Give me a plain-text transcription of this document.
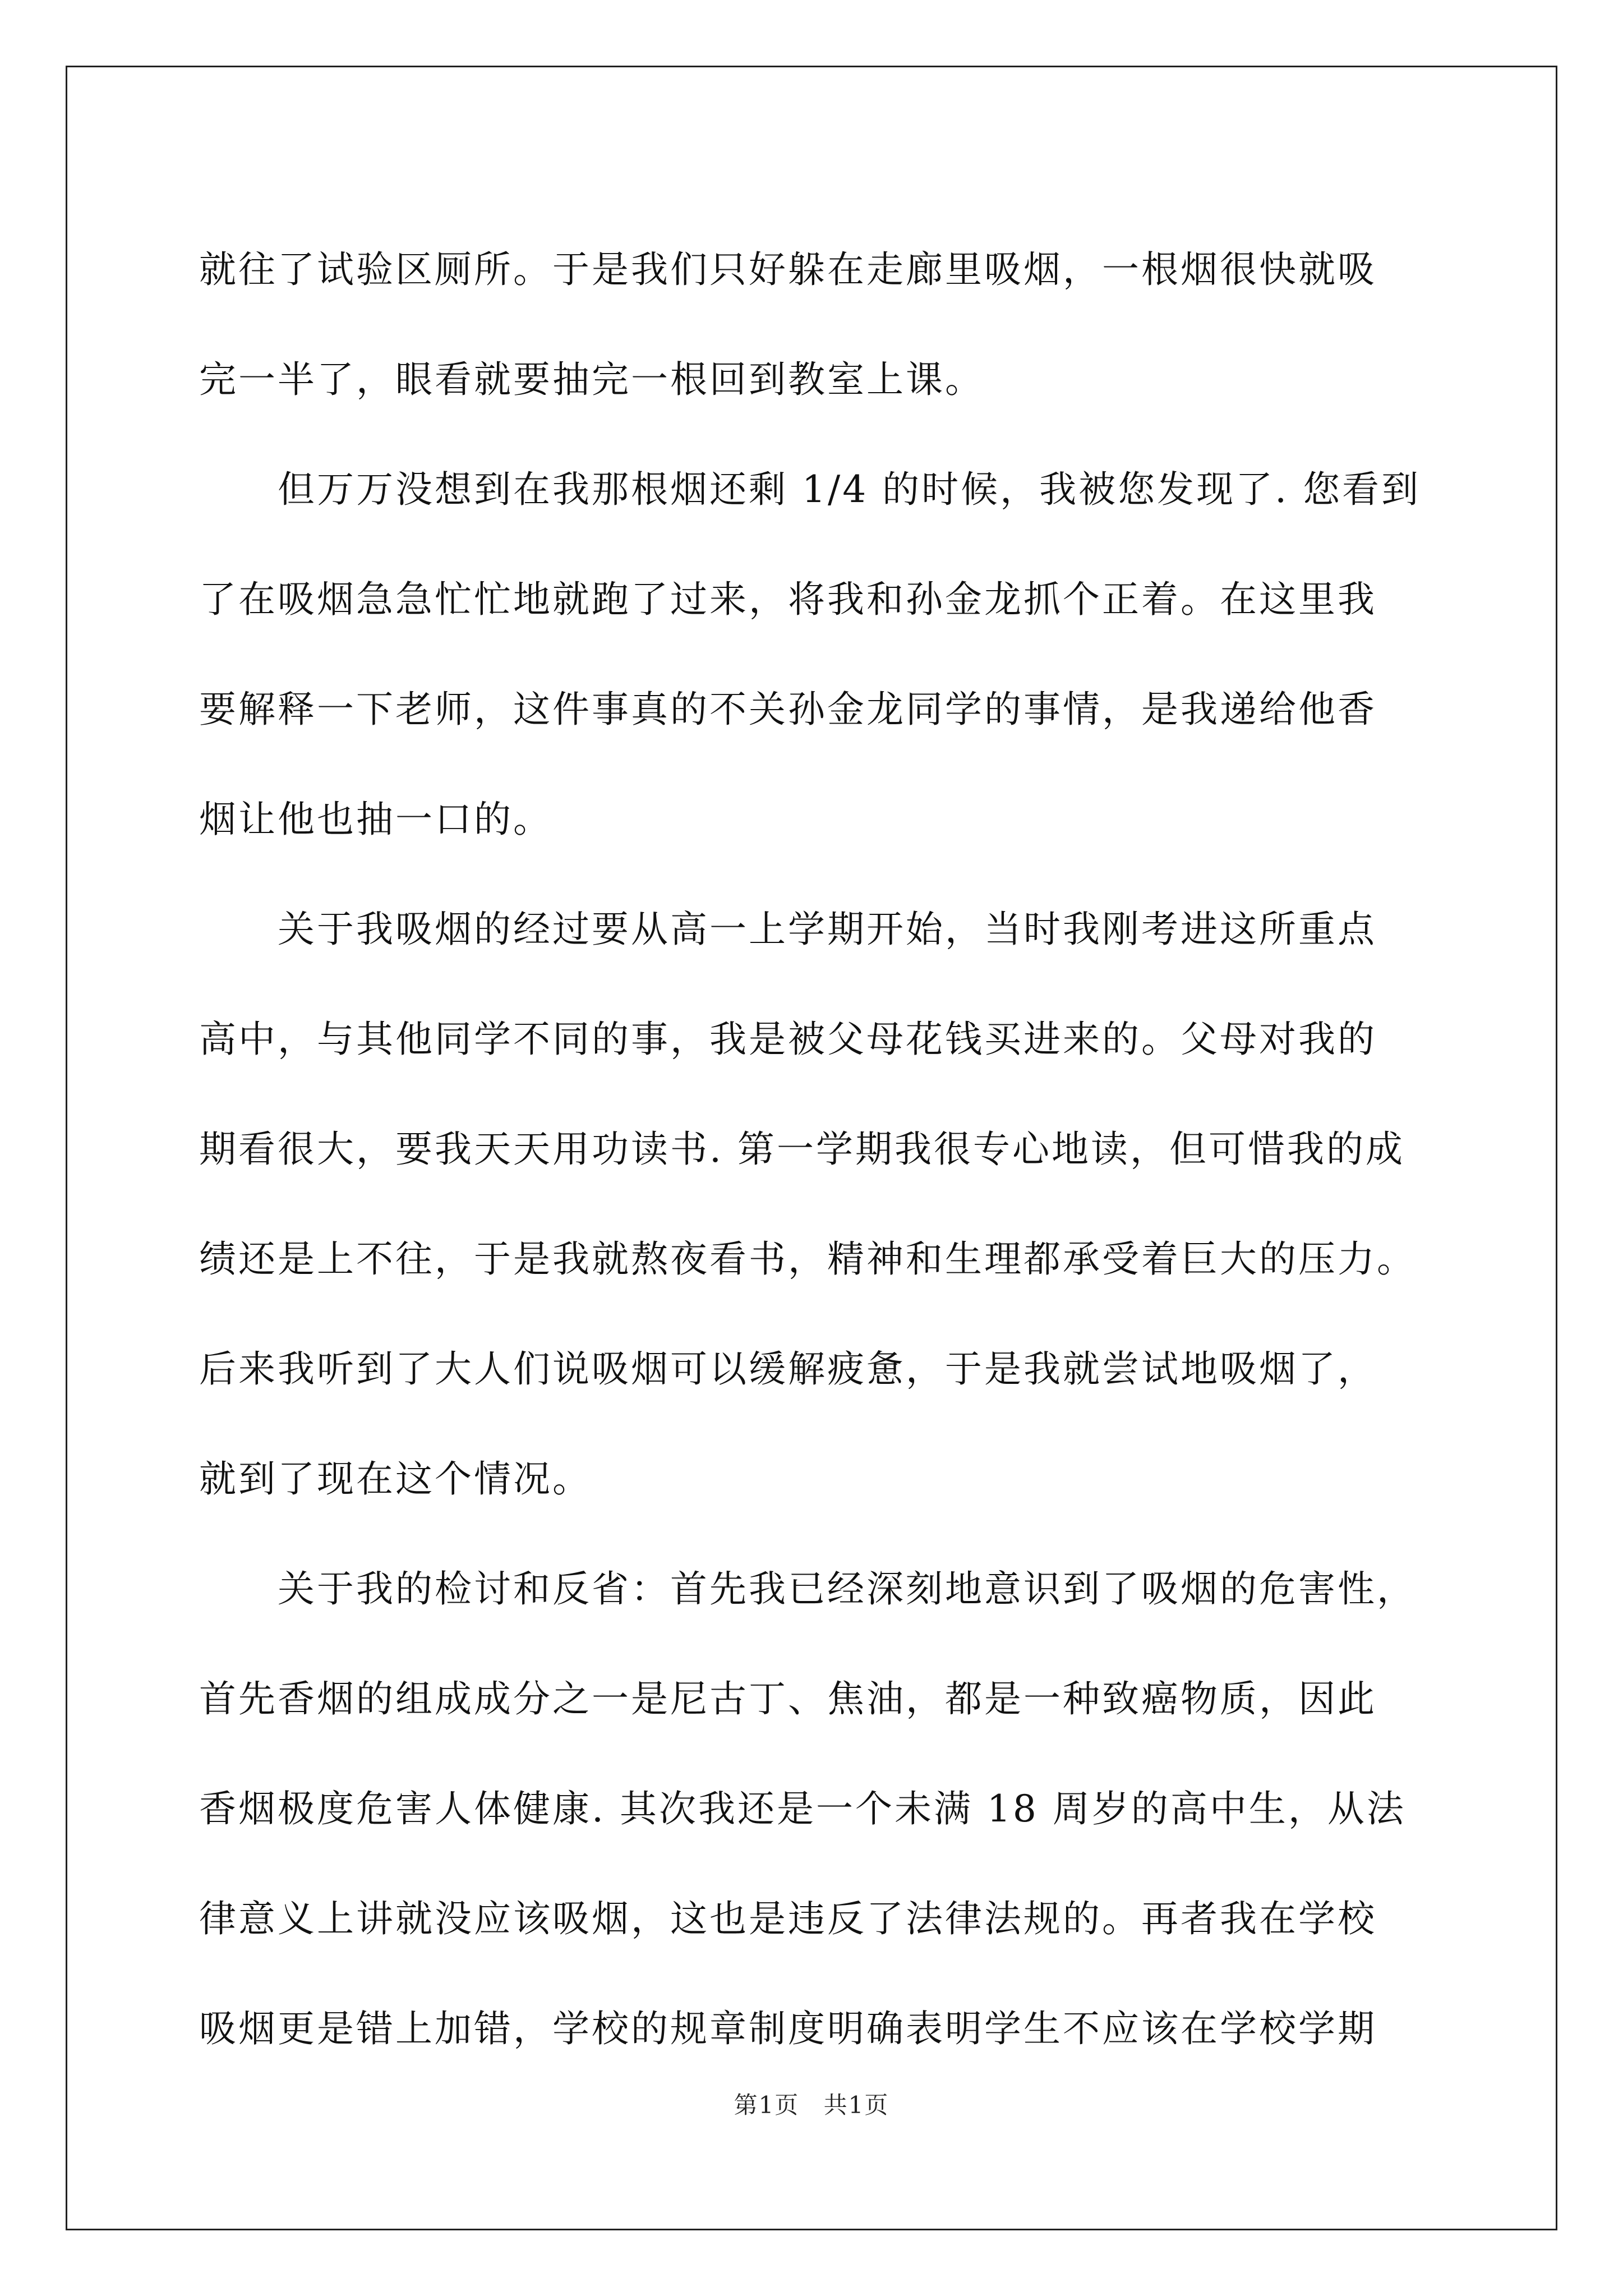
就往了试验区厕所。于是我们只好躲在走廊里吸烟，一根烟很快就吸
完一半了，眼看就要抽完一根回到教室上课。
　　但万万没想到在我那根烟还剩 1/4 的时候，我被您发现了. 您看到
了在吸烟急急忙忙地就跑了过来，将我和孙金龙抓个正着。在这里我
要解释一下老师，这件事真的不关孙金龙同学的事情，是我递给他香
烟让他也抽一口的。
　　关于我吸烟的经过要从高一上学期开始，当时我刚考进这所重点
高中，与其他同学不同的事，我是被父母花钱买进来的。父母对我的
期看很大，要我天天用功读书. 第一学期我很专心地读，但可惜我的成
绩还是上不往，于是我就熬夜看书，精神和生理都承受着巨大的压力。
后来我听到了大人们说吸烟可以缓解疲惫，于是我就尝试地吸烟了，
就到了现在这个情况。
　　关于我的检讨和反省：首先我已经深刻地意识到了吸烟的危害性，
首先香烟的组成成分之一是尼古丁、焦油，都是一种致癌物质，因此
香烟极度危害人体健康. 其次我还是一个未满 18 周岁的高中生，从法
律意义上讲就没应该吸烟，这也是违反了法律法规的。再者我在学校
吸烟更是错上加错，学校的规章制度明确表明学生不应该在学校学期
第1页 共1页
